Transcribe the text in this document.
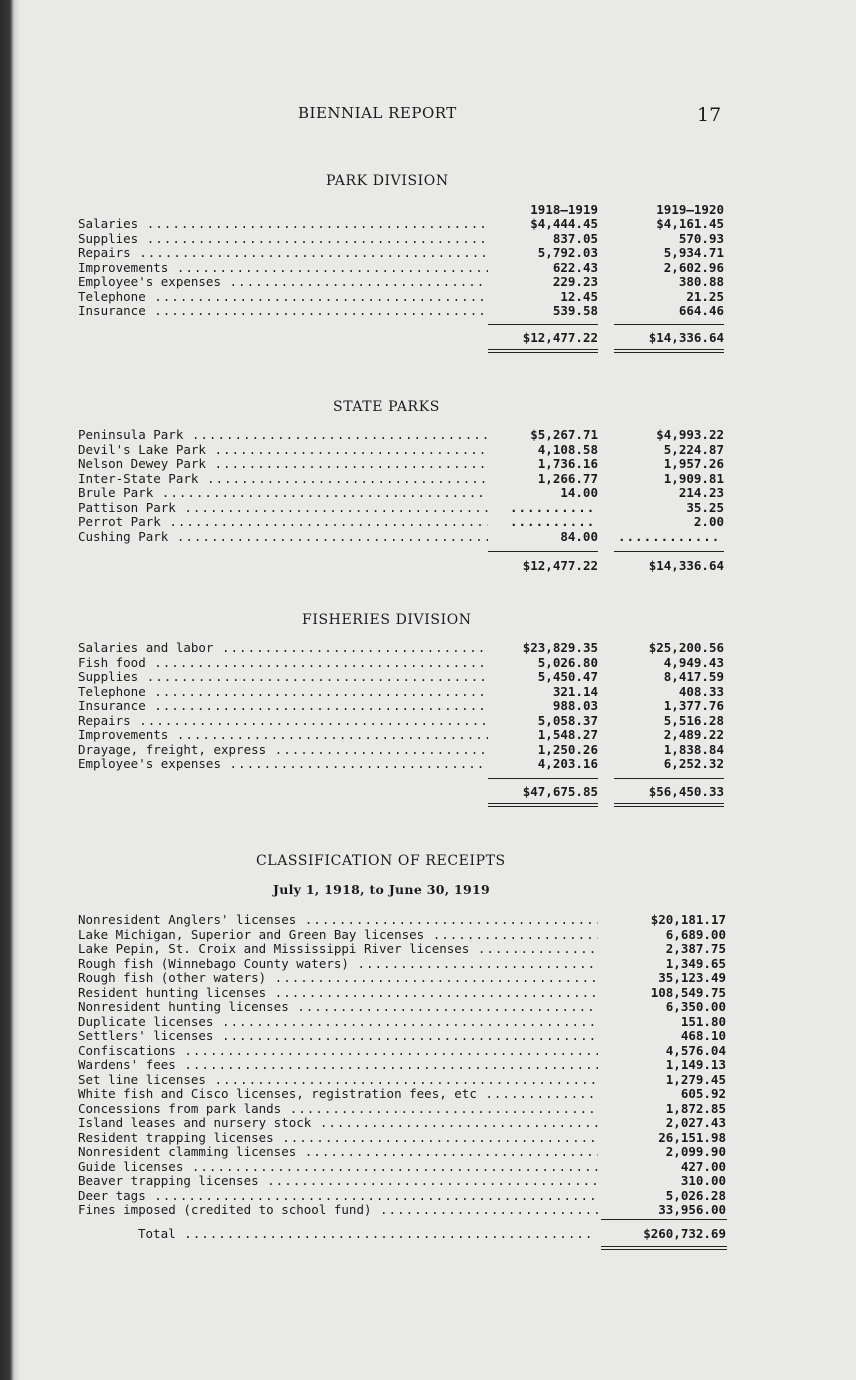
BIENNIAL REPORT	17
PARK DIVISION
1918—1919	1919—1920
Salaries .....	$4,444.45	$4,161.45
Supplies .....	837.05	570.93
Repairs .....	5,792.03	5,934.71
Improvements .....	622.43	2,602.96
Employee's expenses .....	229.23	380.88
Telephone .....	12.45	21.25
Insurance .....	539.58	664.46
$12,477.22	$14,336.64
STATE PARKS
Peninsula Park .....	$5,267.71	$4,993.22
Devil's Lake Park .....	4,108.58	5,224.87
Nelson Dewey Park .....	1,736.16	1,957.26
Inter-State Park .....	1,266.77	1,909.81
Brule Park .....	14.00	214.23
Pattison Park .....	..........	35.25
Perrot Park .....	..........	2.00
Cushing Park .....	84.00 ............
$12,477.22	$14,336.64
FISHERIES DIVISION
Salaries and labor .....	$23,829.35	$25,200.56
Fish food .....	5,026.80	4,949.43
Supplies .....	5,450.47	8,417.59
Telephone .....	321.14	408.33
Insurance .....	988.03	1,377.76
Repairs .....	5,058.37	5,516.28
Improvements .....	1,548.27	2,489.22
Drayage, freight, express .....	1,250.26	1,838.84
Employee's expenses .....	4,203.16	6,252.32
$47,675.85	$56,450.33
CLASSIFICATION OF RECEIPTS
July 1, 1918, to June 30, 1919
Nonresident Anglers' licenses .....	$20,181.17
Lake Michigan, Superior and Green Bay licenses .....	6,689.00
Lake Pepin, St. Croix and Mississippi River licenses .....	2,387.75
Rough fish (Winnebago County waters) .....	1,349.65
Rough fish (other waters) .....	35,123.49
Resident hunting licenses .....	108,549.75
Nonresident hunting licenses .....	6,350.00
Duplicate licenses .....	151.80
Settlers' licenses .....	468.10
Confiscations .....	4,576.04
Wardens' fees .....	1,149.13
Set line licenses .....	1,279.45
White fish and Cisco licenses, registration fees, etc .....	605.92
Concessions from park lands .....	1,872.85
Island leases and nursery stock .....	2,027.43
Resident trapping licenses .....	26,151.98
Nonresident clamming licenses .....	2,099.90
Guide licenses .....	427.00
Beaver trapping licenses .....	310.00
Deer tags .....	5,026.28
Fines imposed (credited to school fund) .....	33,956.00
Total .....	$260,732.69
